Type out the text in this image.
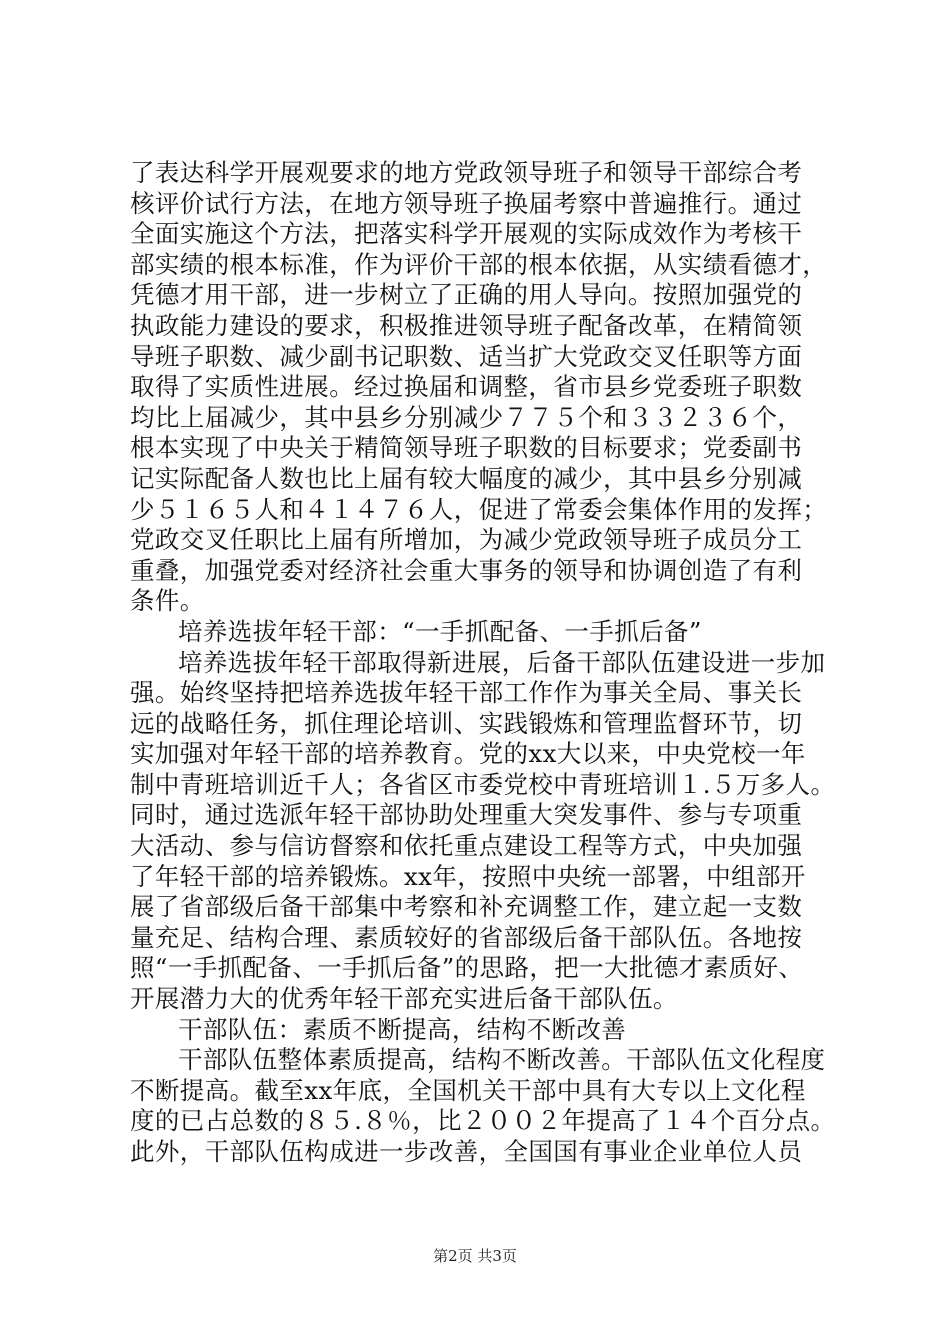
了表达科学开展观要求的地方党政领导班子和领导干部综合考
核评价试行方法，在地方领导班子换届考察中普遍推行。通过
全面实施这个方法，把落实科学开展观的实际成效作为考核干
部实绩的根本标准，作为评价干部的根本依据，从实绩看德才，
凭德才用干部，进一步树立了正确的用人导向。按照加强党的
执政能力建设的要求，积极推进领导班子配备改革，在精简领
导班子职数、减少副书记职数、适当扩大党政交叉任职等方面
取得了实质性进展。经过换届和调整，省市县乡党委班子职数
均比上届减少，其中县乡分别减少７７５个和３３２３６个，
根本实现了中央关于精简领导班子职数的目标要求；党委副书
记实际配备人数也比上届有较大幅度的减少，其中县乡分别减
少５１６５人和４１４７６人，促进了常委会集体作用的发挥；
党政交叉任职比上届有所增加，为减少党政领导班子成员分工
重叠，加强党委对经济社会重大事务的领导和协调创造了有利
条件。
培养选拔年轻干部：“一手抓配备、一手抓后备”
培养选拔年轻干部取得新进展，后备干部队伍建设进一步加
强。始终坚持把培养选拔年轻干部工作作为事关全局、事关长
远的战略任务，抓住理论培训、实践锻炼和管理监督环节，切
实加强对年轻干部的培养教育。党的xx大以来，中央党校一年
制中青班培训近千人；各省区市委党校中青班培训１.５万多人。
同时，通过选派年轻干部协助处理重大突发事件、参与专项重
大活动、参与信访督察和依托重点建设工程等方式，中央加强
了年轻干部的培养锻炼。xx年，按照中央统一部署，中组部开
展了省部级后备干部集中考察和补充调整工作，建立起一支数
量充足、结构合理、素质较好的省部级后备干部队伍。各地按
照“一手抓配备、一手抓后备”的思路，把一大批德才素质好、
开展潜力大的优秀年轻干部充实进后备干部队伍。
干部队伍：素质不断提高，结构不断改善
干部队伍整体素质提高，结构不断改善。干部队伍文化程度
不断提高。截至xx年底，全国机关干部中具有大专以上文化程
度的已占总数的８５.８％，比２００２年提高了１４个百分点。
此外，干部队伍构成进一步改善，全国国有事业企业单位人员
第2页 共3页
